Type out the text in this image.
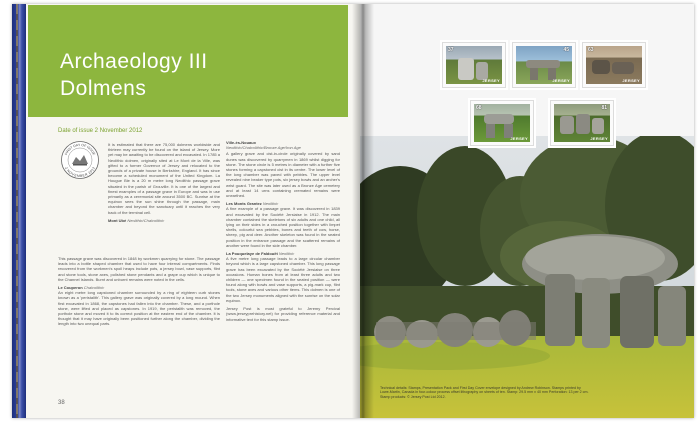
Archaeology III
Dolmens
Date of issue 2 November 2012
FIRST DAY OF ISSUE
2 NOVEMBER 2012

It is estimated that there are 75,000 dolmens worldwide and thirteen may currently be found on the island of Jersey. More yet may be awaiting to be discovered and excavated. In 1785 a Neolithic dolmen, originally sited at Le Mont de la Ville, was gifted to a former Governor of Jersey and relocated to the grounds of a private house in Berkshire, England. It has since become a scheduled monument of the United Kingdom. La Hougue Bie is a 20 m metre long Neolithic passage grave situated in the parish of Grouville. It is one of the largest and finest examples of a passage grave in Europe and was in use primarily as a ceremonial site around 3500 BC. Sunrise at the equinox sees the sun shine through the passage, main chamber and beyond the sanctuary until it reaches the very back of the terminal cell.

Mont Ubé Neolithic/Chalcolithic

This passage grave was discovered in 1848 by workmen quarrying for stone. The passage leads into a bottle shaped chamber that used to have four internal compartments. Finds recovered from the workmen's spoil heaps include pots, a jersey bowl, vase supports, flint and stone tools, stone axes, polished stone pendants and a grape cup which is unique to the Channel Islands. Burnt and unburnt remains were noted in the cells.

Le Couperon Chalcolithic

An eight metre long capstoned chamber surrounded by a ring of eighteen curb stones known as a 'peristalith'. This gallery grave was originally covered by a long mound. When first excavated in 1868, the capstones had fallen into the chamber. These, and a porthole stone, were lifted and placed as capstones. In 1919, the peristalith was removed, the porthole stone and moved it to its correct position at the eastern end of the chamber. It is thought that it may have originally been positioned further along the chamber, dividing the length into two unequal parts.

Ville-ès-Nouaux

Neolithic/Chalcolithic/Bronze Age/Iron Age

A gallery grave and cist-in-circle originally covered by sand dunes was discovered by quarrymen in 1869 whilst digging for stone. The stone circle is 5 metres in diameter with a further five stones forming a capstoned cist in its centre. The lower level of the long chamber was paved with pebbles. The upper level revealed nine beaker type pots, six jersey bowls and an archer's wrist guard. The site was later used as a Bronze Age cemetery and at least 14 urns containing cremated remains were unearthed.

Les Monts Grantez Neolithic

A fine example of a passage grave. It was discovered in 1839 and excavated by the Société Jersiaise in 1912. The main chamber contained the skeletons of six adults and one child, all lying on their sides in a crouched position together with limpet shells, colourful sea pebbles, bones and teeth of cow, horse, sheep, pig and deer. Another skeleton was found in the seated position in the entrance passage and the scattered remains of another were found in the side chamber.

La Pouquelaye de Faldouët Neolithic

A five metre long passage leads to a large circular chamber beyond which is a large capstoned chamber. This long passage grave has been excavated by the Société Jersiaise on three occasions. Human bones from at least three adults and two children — one specimen found in the seated position — were found along with bowls and vase supports, a pig-mark cup, flint tools, stone axes and various other items. This dolmen is one of the two Jersey monuments aligned with the sunrise on the solar equinox.

Jersey Post is most grateful to Jeremy Percival (www.jerseyprehistory.net) for providing reference material and informative text for this stamp issue.

38
Technical details: Stamps, Presentation Pack and First Day Cover envelope designed by Andrew Robinson. Stamps printed by Lowe-Martin, Canada in four-colour process offset lithography on sheets of ten. Stamp: 29.5 mm x 40 mm Perforation: 13 per 2 cm. Stamp products: © Jersey Post Ltd 2012.
37
JERSEY
45
JERSEY
63
JERSEY
68
JERSEY
81
JERSEY
